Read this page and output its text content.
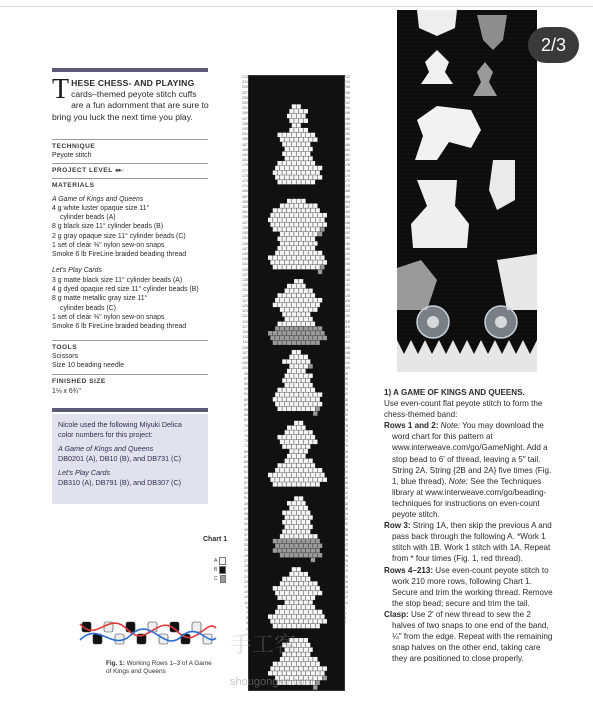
THESE CHESS- AND PLAYING cards–themed peyote stitch cuffs are a fun adornment that are sure to bring you luck the next time you play.
TECHNIQUE
Peyote stitch
PROJECT LEVEL ●●○
MATERIALS
A Game of Kings and Queens
4 g white luster opaque size 11°
cylinder beads (A)
8 g black size 11° cylinder beads (B)
2 g gray opaque size 11° cylinder beads (C)
1 set of clear ⅜" nylon sew-on snaps
Smoke 6 lb FireLine braided beading thread
Let's Play Cards
3 g matte black size 11° cylinder beads (A)
4 g dyed opaque red size 11° cylinder beads (B)
8 g matte metallic gray size 11°
cylinder beads (C)
1 set of clear ⅜" nylon sew-on snaps
Smoke 6 lb FireLine braided beading thread
TOOLS
Scissors
Size 10 beading needle
FINISHED SIZE
1⅛ x 6¾"
Nicole used the following Miyuki Delica
color numbers for this project:
A Game of Kings and Queens
DB0201 (A), DB10 (B), and DB731 (C)
Let's Play Cards
DB310 (A), DB791 (B), and DB307 (C)
Chart 1
A
B
C
Fig. 1: Working Rows 1–3 of A Game of Kings and Queens
213
211
209
207
205
203
201
199
197
195
193
191
189
187
185
183
181
179
177
175
173
171
169
167
165
163
161
159
157
155
153
151
149
147
145
143
141
139
137
135
133
131
129
127
125
123
121
119
117
115
113
111
109
107
105
103
101
99
97
95
93
91
89
87
85
83
81
79
77
75
73
71
69
67
65
63
61
59
57
55
53
51
49
47
45
43
41
39
37
35
33
31
29
27
25
23
21
19
17
15
13
11
9
7
5
3
1

212
210
208
206
204
202
200
198
196
194
192
190
188
186
184
182
180
178
176
174
172
170
168
166
164
162
160
158
156
154
152
150
148
146
144
142
140
138
136
134
132
130
128
126
124
122
120
118
116
114
112
110
108
106
104
102
100
98
96
94
92
90
88
86
84
82
80
78
76
74
72
70
68
66
64
62
60
58
56
54
52
50
48
46
44
42
40
38
36
34
32
30
28
26
24
22
20
18
16
14
12
10
8
6
4
2

2/3
1) A GAME OF KINGS AND QUEENS.
Use even-count flat peyote stitch to form the chess-themed band:
Rows 1 and 2: Note: You may download the word chart for this pattern at www.interweave.com/go/GameNight. Add a stop bead to 6' of thread, leaving a 5" tail. String 2A. String {2B and 2A} five times (Fig. 1, blue thread). Note: See the Techniques library at www.interweave.com/go/beading-techniques for instructions on even-count peyote stitch.
Row 3: String 1A, then skip the previous A and pass back through the following A. *Work 1 stitch with 1B. Work 1 stitch with 1A. Repeat from * four times (Fig. 1, red thread).
Rows 4–213: Use even-count peyote stitch to work 210 more rows, following Chart 1. Secure and trim the working thread. Remove the stop bead; secure and trim the tail.
Clasp: Use 2' of new thread to sew the 2 halves of two snaps to one end of the band, ¼" from the edge. Repeat with the remaining snap halves on the other end, taking care they are positioned to close properly.
手工客
shougongke.com
